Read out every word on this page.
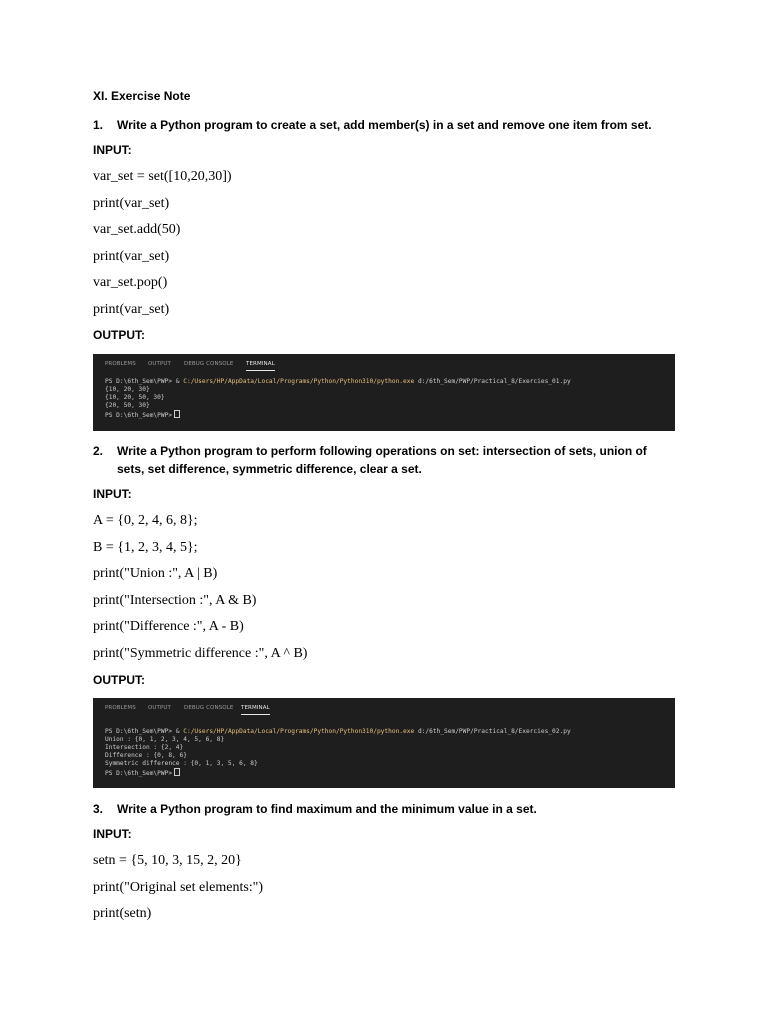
XI. Exercise Note
1. Write a Python program to create a set, add member(s) in a set and remove one item from set.
INPUT:
var_set = set([10,20,30])
print(var_set)
var_set.add(50)
print(var_set)
var_set.pop()
print(var_set)
OUTPUT:
PROBLEMS OUTPUT DEBUG CONSOLE TERMINAL
PS D:\6th_Sem\PWP> & C:/Users/HP/AppData/Local/Programs/Python/Python310/python.exe d:/6th_Sem/PWP/Practical_8/Exercies_01.py
{10, 20, 30}
{10, 20, 50, 30}
{20, 50, 30}
PS D:\6th_Sem\PWP>
2. Write a Python program to perform following operations on set: intersection of sets, union of
sets, set difference, symmetric difference, clear a set.
INPUT:
A = {0, 2, 4, 6, 8};
B = {1, 2, 3, 4, 5};
print("Union :", A | B)
print("Intersection :", A & B)
print("Difference :", A - B)
print("Symmetric difference :", A ^ B)
OUTPUT:
PROBLEMS OUTPUT DEBUG CONSOLE TERMINAL
PS D:\6th_Sem\PWP> & C:/Users/HP/AppData/Local/Programs/Python/Python310/python.exe d:/6th_Sem/PWP/Practical_8/Exercies_02.py
Union : {0, 1, 2, 3, 4, 5, 6, 8}
Intersection : {2, 4}
Difference : {0, 8, 6}
Symmetric difference : {0, 1, 3, 5, 6, 8}
PS D:\6th_Sem\PWP>
3. Write a Python program to find maximum and the minimum value in a set.
INPUT:
setn = {5, 10, 3, 15, 2, 20}
print("Original set elements:")
print(setn)
